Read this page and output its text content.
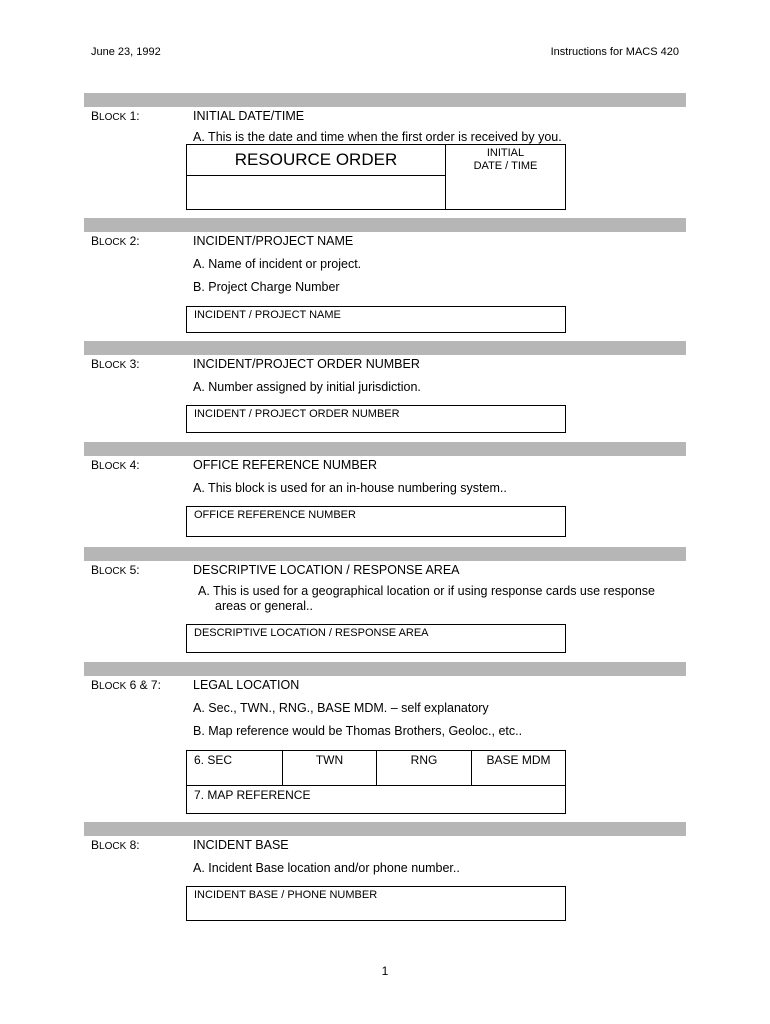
June 23, 1992	Instructions for MACS 420
BLOCK 1:	INITIAL DATE/TIME
A. This is the date and time when the first order is received by you.
RESOURCE ORDER	INITIAL
DATE / TIME
BLOCK 2:	INCIDENT/PROJECT NAME
A. Name of incident or project.
B. Project Charge Number
INCIDENT / PROJECT NAME
BLOCK 3:	INCIDENT/PROJECT ORDER NUMBER
A. Number assigned by initial jurisdiction.
INCIDENT / PROJECT ORDER NUMBER
BLOCK 4:	OFFICE REFERENCE NUMBER
A. This block is used for an in-house numbering system..
OFFICE REFERENCE NUMBER
BLOCK 5:	DESCRIPTIVE LOCATION / RESPONSE AREA
A. This is used for a geographical location or if using response cards use response
areas or general..
DESCRIPTIVE LOCATION / RESPONSE AREA
BLOCK 6 & 7:	LEGAL LOCATION
A. Sec., TWN., RNG., BASE MDM. – self explanatory
B. Map reference would be Thomas Brothers, Geoloc., etc..
6. SEC	TWN	RNG	BASE MDM
7. MAP REFERENCE
BLOCK 8:	INCIDENT BASE
A. Incident Base location and/or phone number..
INCIDENT BASE / PHONE NUMBER
1
